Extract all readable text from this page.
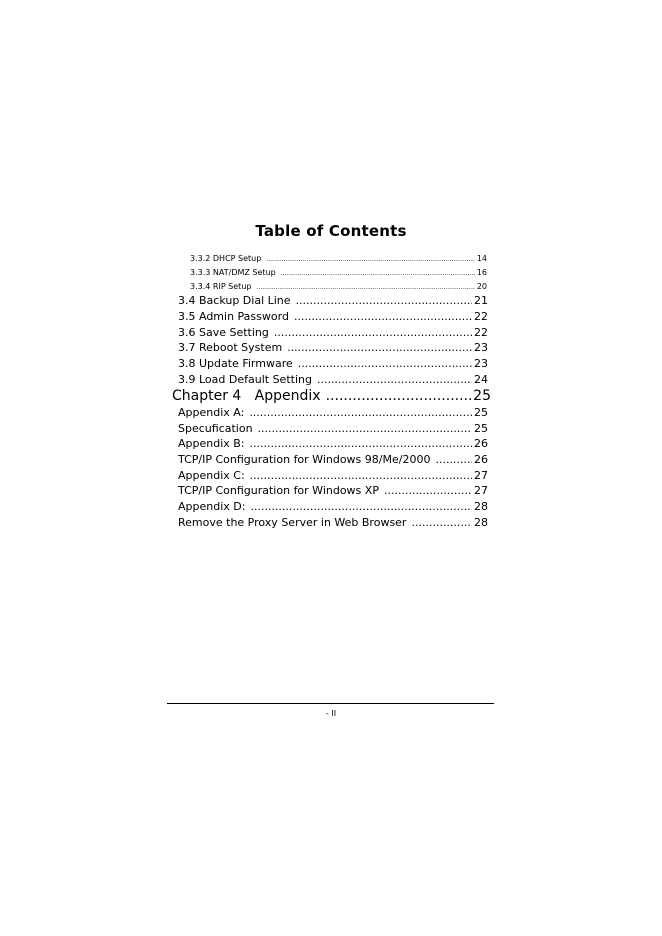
Table of Contents
3.3.2 DHCP Setup .....	14
3.3.3 NAT/DMZ Setup .....	16
3.3.4 RIP Setup .....	20
3.4 Backup Dial Line .....	21
3.5 Admin Password .....	22
3.6 Save Setting .....	22
3.7 Reboot System .....	23
3.8 Update Firmware .....	23
3.9 Load Default Setting .....	24
Chapter 4   Appendix .....	25
Appendix A: .....	25
Specufication .....	25
Appendix B: .....	26
TCP/IP Configuration for Windows 98/Me/2000 .....	26
Appendix C: .....	27
TCP/IP Configuration for Windows XP .....	27
Appendix D: .....	28
Remove the Proxy Server in Web Browser .....	28
- II
